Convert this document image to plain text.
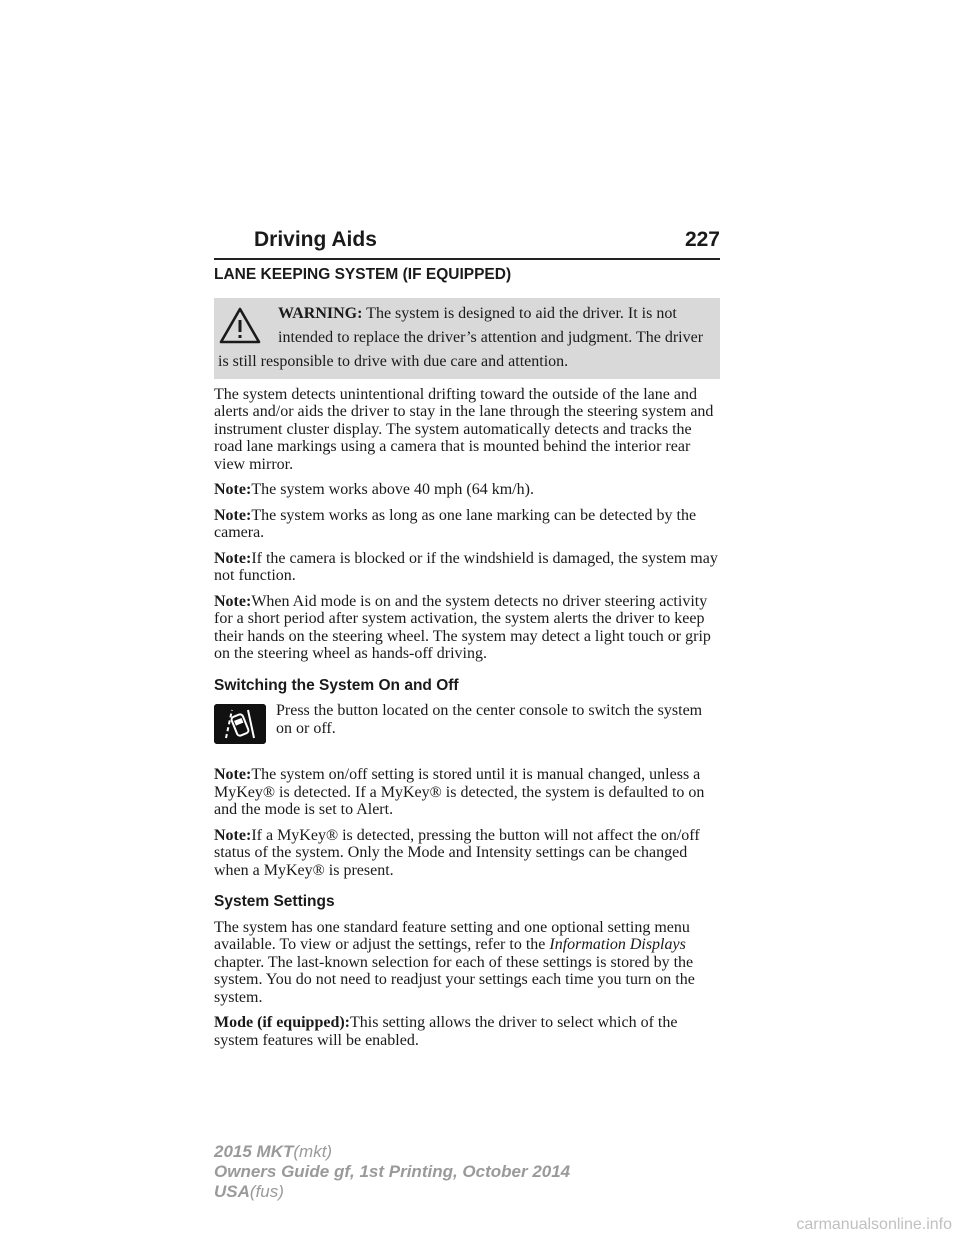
Driving Aids	227
LANE KEEPING SYSTEM (IF EQUIPPED)
WARNING: The system is designed to aid the driver. It is not intended to replace the driver’s attention and judgment. The driver is still responsible to drive with due care and attention.

The system detects unintentional drifting toward the outside of the lane and alerts and/or aids the driver to stay in the lane through the steering system and instrument cluster display. The system automatically detects and tracks the road lane markings using a camera that is mounted behind the interior rear view mirror.

Note:The system works above 40 mph (64 km/h).

Note:The system works as long as one lane marking can be detected by the camera.

Note:If the camera is blocked or if the windshield is damaged, the system may not function.

Note:When Aid mode is on and the system detects no driver steering activity for a short period after system activation, the system alerts the driver to keep their hands on the steering wheel. The system may detect a light touch or grip on the steering wheel as hands-off driving.

Switching the System On and Off
Press the button located on the center console to switch the system on or off.

Note:The system on/off setting is stored until it is manual changed, unless a MyKey® is detected. If a MyKey® is detected, the system is defaulted to on and the mode is set to Alert.

Note:If a MyKey® is detected, pressing the button will not affect the on/off status of the system. Only the Mode and Intensity settings can be changed when a MyKey® is present.

System Settings

The system has one standard feature setting and one optional setting menu available. To view or adjust the settings, refer to the Information Displays chapter. The last-known selection for each of these settings is stored by the system. You do not need to readjust your settings each time you turn on the system.

Mode (if equipped):This setting allows the driver to select which of the system features will be enabled.

2015 MKT(mkt)
Owners Guide gf, 1st Printing, October 2014
USA(fus)
carmanualsonline.info
